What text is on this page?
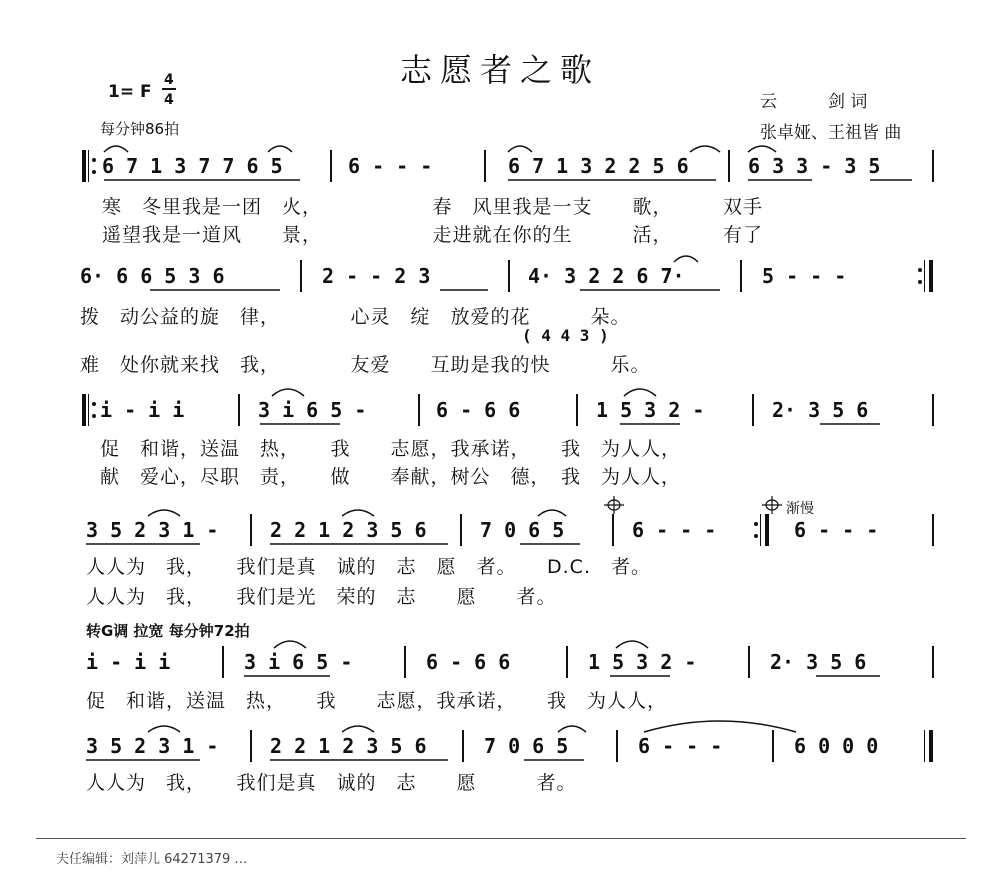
志愿者之歌
1= F
4
4
每分钟86拍
云　　　剑 词
张卓娅、王祖皆 曲
6 7 1 3 7 7 6 5	6 - - -	6 7 1 3 2 2 5 6	6 3 3 - 3 5
寒　冬里我是一团　火，　　　　　　春　风里我是一支　　歌，　　　双手
遥望我是一道风　　景，　　　　　　走进就在你的生　　　活，　　　有了
6· 6 6 5 3 6	2 - - 2 3	4· 3 2 2 6 7·	5 - - -
拨　动公益的旋　律，　　　　心灵　绽　放爱的花　　　朵。
( 4 4 3 )
难　处你就来找　我，　　　　友爱　　互助是我的快　　　乐。
i - i i	3 i 6 5 -	6 - 6 6	1 5 3 2 -	2· 3 5 6
促　和谐，送温　热，　　我　　志愿，我承诺，　　我　为人人，
献　爱心，尽职　责，　　做　　奉献，树公　德，　我　为人人，
3 5 2 3 1 -	2 2 1 2 3 5 6	7 0 6 5	6 - - -	6 - - -
渐慢
人人为　我，　　我们是真　诚的　志　愿　者。　　D.C.　者。
人人为　我，　　我们是光　荣的　志　　愿　　者。
转G调 拉宽 每分钟72拍
i - i i	3 i 6 5 -	6 - 6 6	1 5 3 2 -	2· 3 5 6
促　和谐，送温　热，　　我　　志愿，我承诺，　　我　为人人，
3 5 2 3 1 -	2 2 1 2 3 5 6	7 0 6 5	6 - - -	6 0 0 0
人人为　我，　　我们是真　诚的　志　　愿　　　者。
夫任编辑：刘萍儿 64271379 …
